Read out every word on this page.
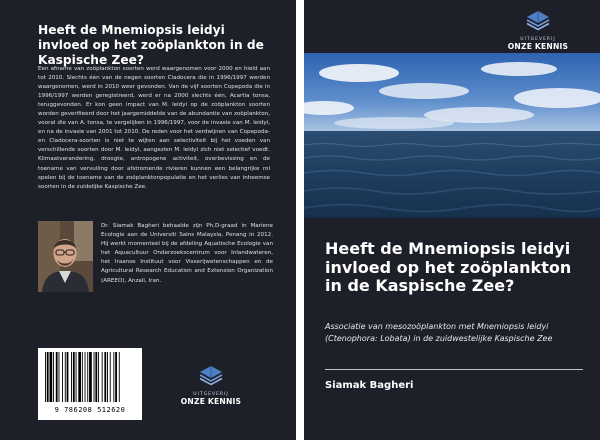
Heeft de Mnemiopsis leidyi invloed op het zoöplankton in de Kaspische Zee?
Een afname van zoöplankton soorten werd waargenomen voor 2000 en hield aan tot 2010. Slechts één van de negen soorten Cladocera die in 1996/1997 werden waargenomen, werd in 2010 weer gevonden. Van de vijf soorten Copepoda die in 1996/1997 werden geregistreerd, werd er na 2000 slechts één, Acartia tonsa, teruggevonden. Er kon geen impact van M. leidyi op de zoöplankton soorten worden geverifieerd door het jaargemiddelde van de abundantie van zoöplankton, vooral die van A. tonsa, te vergelijken in 1996/1997, voor de invasie van M. leidyi, en na de invasie van 2001 tot 2010. De reden voor het verdwijnen van Copepoda- en Cladocera-soorten is niet te wijten aan selectiviteit bij het voeden van verschillende soorten door M. leidyi, aangezien M. leidyi zich niet selectief voedt. Klimaatverandering, droogte, antropogene activiteit, overbevissing en de toename van vervuiling door afstromende rivieren kunnen een belangrijke rol spelen bij de toename van de zoöplanktonpopulatie en het verlies van inheemse soorten in de zuidelijke Kaspische Zee.
Dr. Siamak Bagheri behaalde zijn Ph.D-graad in Mariene Ecologie aan de Universiti Sains Malaysia, Penang in 2012. Hij werkt momenteel bij de afdeling Aquatische Ecologie van het Aquacultuur Onderzoekscentrum voor Inlandwateren, het Iraanse Instituut voor Visserijwetenschappen en de Agricultural Research Education and Extension Organization (AREEO), Anzali, Iran.
9 786208 512620
UITGEVERIJ
ONZE KENNIS
UITGEVERIJ
ONZE KENNIS
Heeft de Mnemiopsis leidyi invloed op het zoöplankton in de Kaspische Zee?
Associatie van mesozoöplankton met Mnemiopsis leidyi (Ctenophora: Lobata) in de zuidwestelijke Kaspische Zee
Siamak Bagheri
